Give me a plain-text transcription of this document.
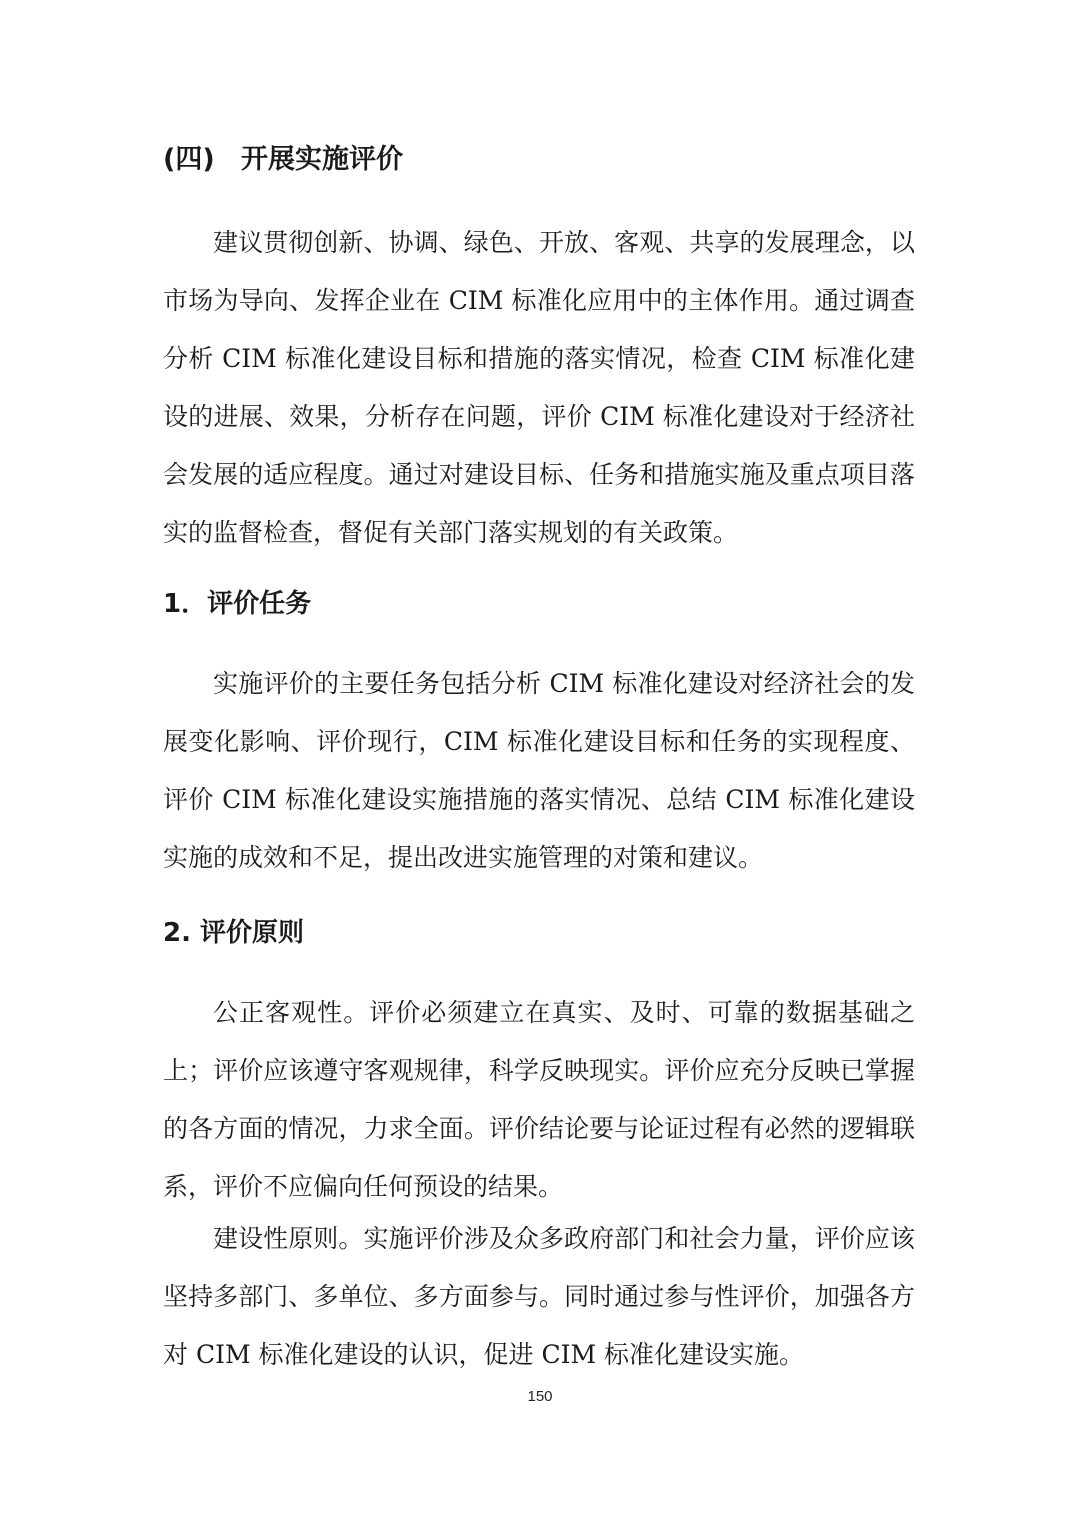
(四) 开展实施评价

建议贯彻创新、协调、绿色、开放、客观、共享的发展理念，以市场为导向、发挥企业在 CIM 标准化应用中的主体作用。通过调查分析 CIM 标准化建设目标和措施的落实情况，检查 CIM 标准化建设的进展、效果，分析存在问题，评价 CIM 标准化建设对于经济社会发展的适应程度。通过对建设目标、任务和措施实施及重点项目落实的监督检查，督促有关部门落实规划的有关政策。

1．评价任务

实施评价的主要任务包括分析 CIM 标准化建设对经济社会的发展变化影响、评价现行，CIM 标准化建设目标和任务的实现程度、评价 CIM 标准化建设实施措施的落实情况、总结 CIM 标准化建设实施的成效和不足，提出改进实施管理的对策和建议。

2. 评价原则

公正客观性。评价必须建立在真实、及时、可靠的数据基础之上；评价应该遵守客观规律，科学反映现实。评价应充分反映已掌握的各方面的情况，力求全面。评价结论要与论证过程有必然的逻辑联系，评价不应偏向任何预设的结果。

建设性原则。实施评价涉及众多政府部门和社会力量，评价应该坚持多部门、多单位、多方面参与。同时通过参与性评价，加强各方对 CIM 标准化建设的认识，促进 CIM 标准化建设实施。

150
